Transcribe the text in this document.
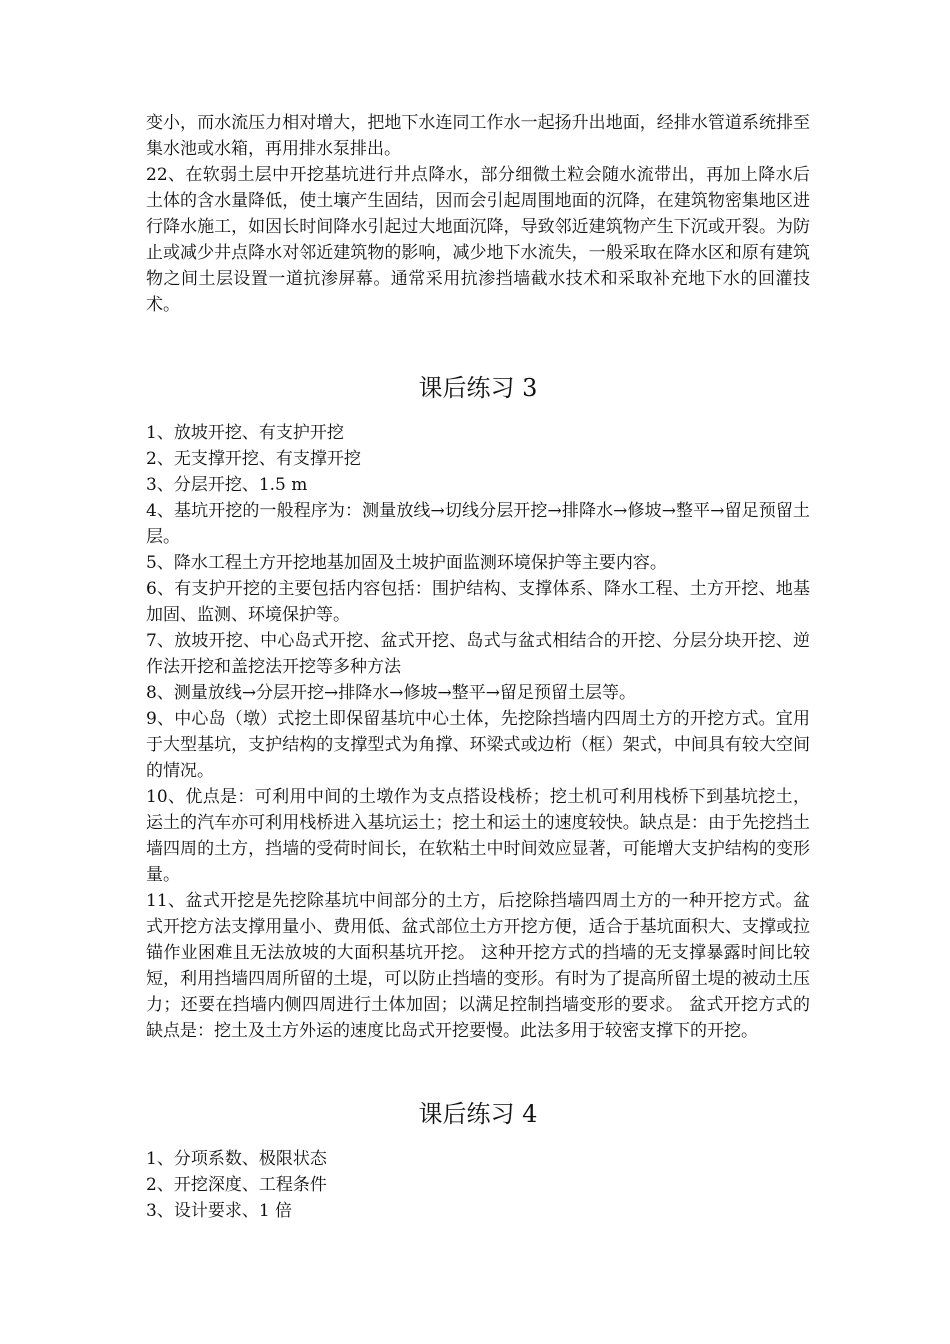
变小，而水流压力相对增大，把地下水连同工作水一起扬升出地面，经排水管道系统排至集水池或水箱，再用排水泵排出。

22、在软弱土层中开挖基坑进行井点降水，部分细微土粒会随水流带出，再加上降水后土体的含水量降低，使土壤产生固结，因而会引起周围地面的沉降，在建筑物密集地区进行降水施工，如因长时间降水引起过大地面沉降，导致邻近建筑物产生下沉或开裂。为防止或减少井点降水对邻近建筑物的影响，减少地下水流失，一般采取在降水区和原有建筑物之间土层设置一道抗渗屏幕。通常采用抗渗挡墙截水技术和采取补充地下水的回灌技术。

课后练习 3

1、放坡开挖、有支护开挖

2、无支撑开挖、有支撑开挖

3、分层开挖、1.5 m

4、基坑开挖的一般程序为：测量放线→切线分层开挖→排降水→修坡→整平→留足预留土层。

5、降水工程土方开挖地基加固及土坡护面监测环境保护等主要内容。

6、有支护开挖的主要包括内容包括：围护结构、支撑体系、降水工程、土方开挖、地基加固、监测、环境保护等。

7、放坡开挖、中心岛式开挖、盆式开挖、岛式与盆式相结合的开挖、分层分块开挖、逆作法开挖和盖挖法开挖等多种方法

8、测量放线→分层开挖→排降水→修坡→整平→留足预留土层等。

9、中心岛（墩）式挖土即保留基坑中心土体，先挖除挡墙内四周土方的开挖方式。宜用于大型基坑，支护结构的支撑型式为角撑、环梁式或边桁（框）架式，中间具有较大空间的情况。

10、优点是：可利用中间的土墩作为支点搭设栈桥；挖土机可利用栈桥下到基坑挖土，运土的汽车亦可利用栈桥进入基坑运土；挖土和运土的速度较快。缺点是：由于先挖挡土墙四周的土方，挡墙的受荷时间长，在软粘土中时间效应显著，可能增大支护结构的变形量。

11、盆式开挖是先挖除基坑中间部分的土方，后挖除挡墙四周土方的一种开挖方式。盆式开挖方法支撑用量小、费用低、盆式部位土方开挖方便，适合于基坑面积大、支撑或拉锚作业困难且无法放坡的大面积基坑开挖。 这种开挖方式的挡墙的无支撑暴露时间比较短，利用挡墙四周所留的土堤，可以防止挡墙的变形。有时为了提高所留土堤的被动土压力；还要在挡墙内侧四周进行土体加固；以满足控制挡墙变形的要求。 盆式开挖方式的缺点是：挖土及土方外运的速度比岛式开挖要慢。此法多用于较密支撑下的开挖。

课后练习 4

1、分项系数、极限状态

2、开挖深度、工程条件

3、设计要求、1 倍
